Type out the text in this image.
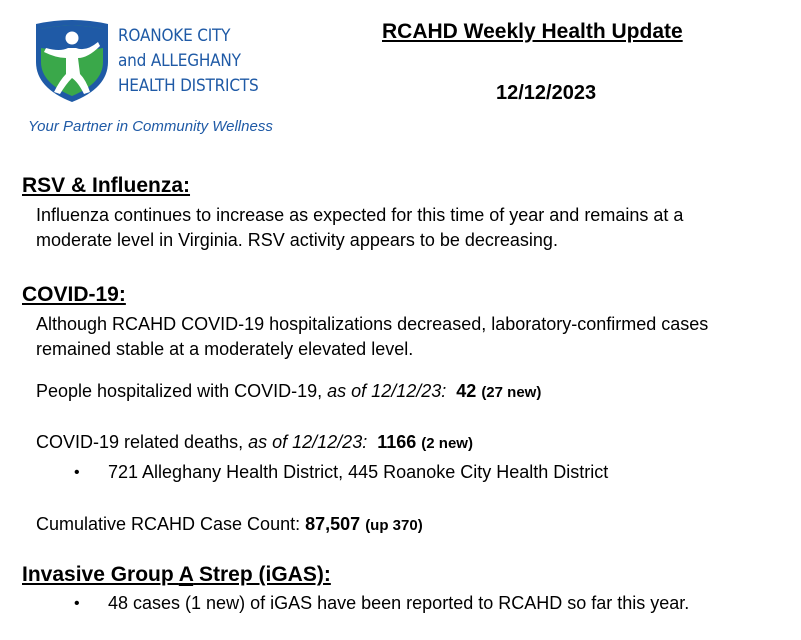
ROANOKE CITY
and ALLEGHANY
HEALTH DISTRICTS
Your Partner in Community Wellness
RCAHD Weekly Health Update
12/12/2023
RSV & Influenza:
Influenza continues to increase as expected for this time of year and remains at a
moderate level in Virginia. RSV activity appears to be decreasing.
COVID-19:
Although RCAHD COVID-19 hospitalizations decreased, laboratory-confirmed cases
remained stable at a moderately elevated level.
People hospitalized with COVID-19, as of 12/12/23: 42 (27 new)
COVID-19 related deaths, as of 12/12/23: 1166 (2 new)
• 721 Alleghany Health District, 445 Roanoke City Health District
Cumulative RCAHD Case Count: 87,507 (up 370)
Invasive Group A Strep (iGAS):
• 48 cases (1 new) of iGAS have been reported to RCAHD so far this year.
